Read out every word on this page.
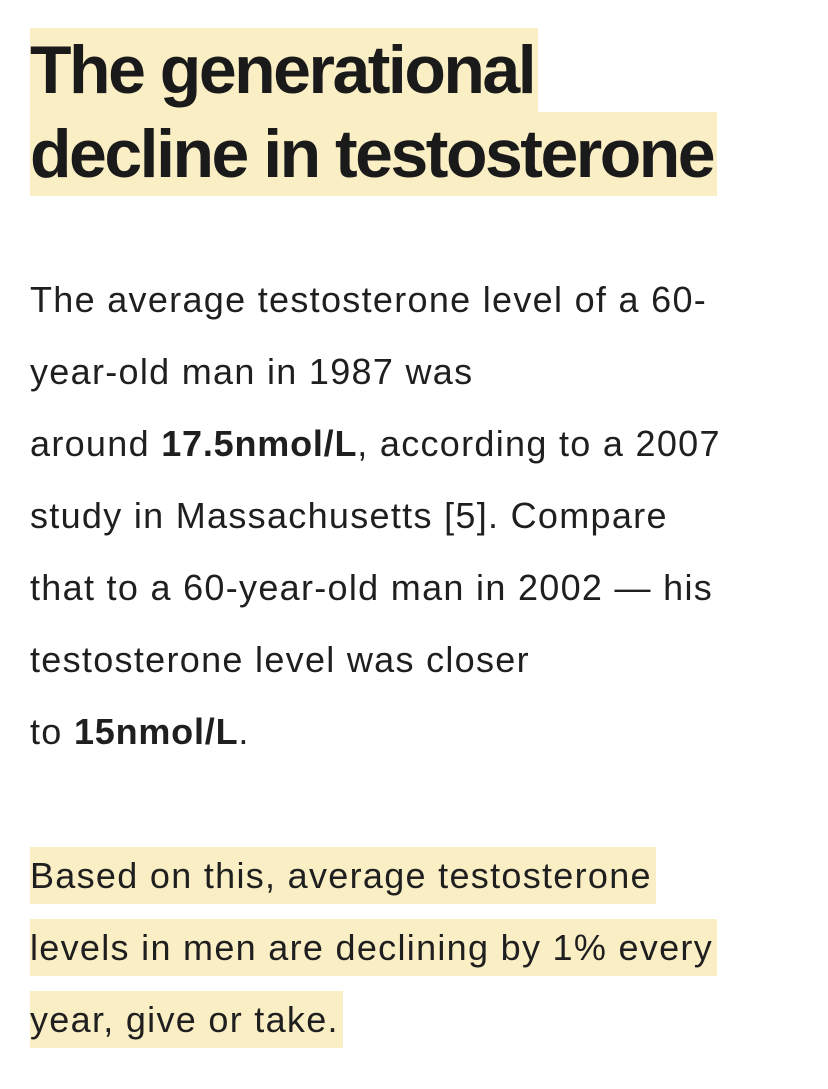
The generational
decline in testosterone

The average testosterone level of a 60-
year-old man in 1987 was
around 17.5nmol/L, according to a 2007
study in Massachusetts [5]. Compare
that to a 60-year-old man in 2002 — his
testosterone level was closer
to 15nmol/L.

Based on this, average testosterone
levels in men are declining by 1% every
year, give or take.
